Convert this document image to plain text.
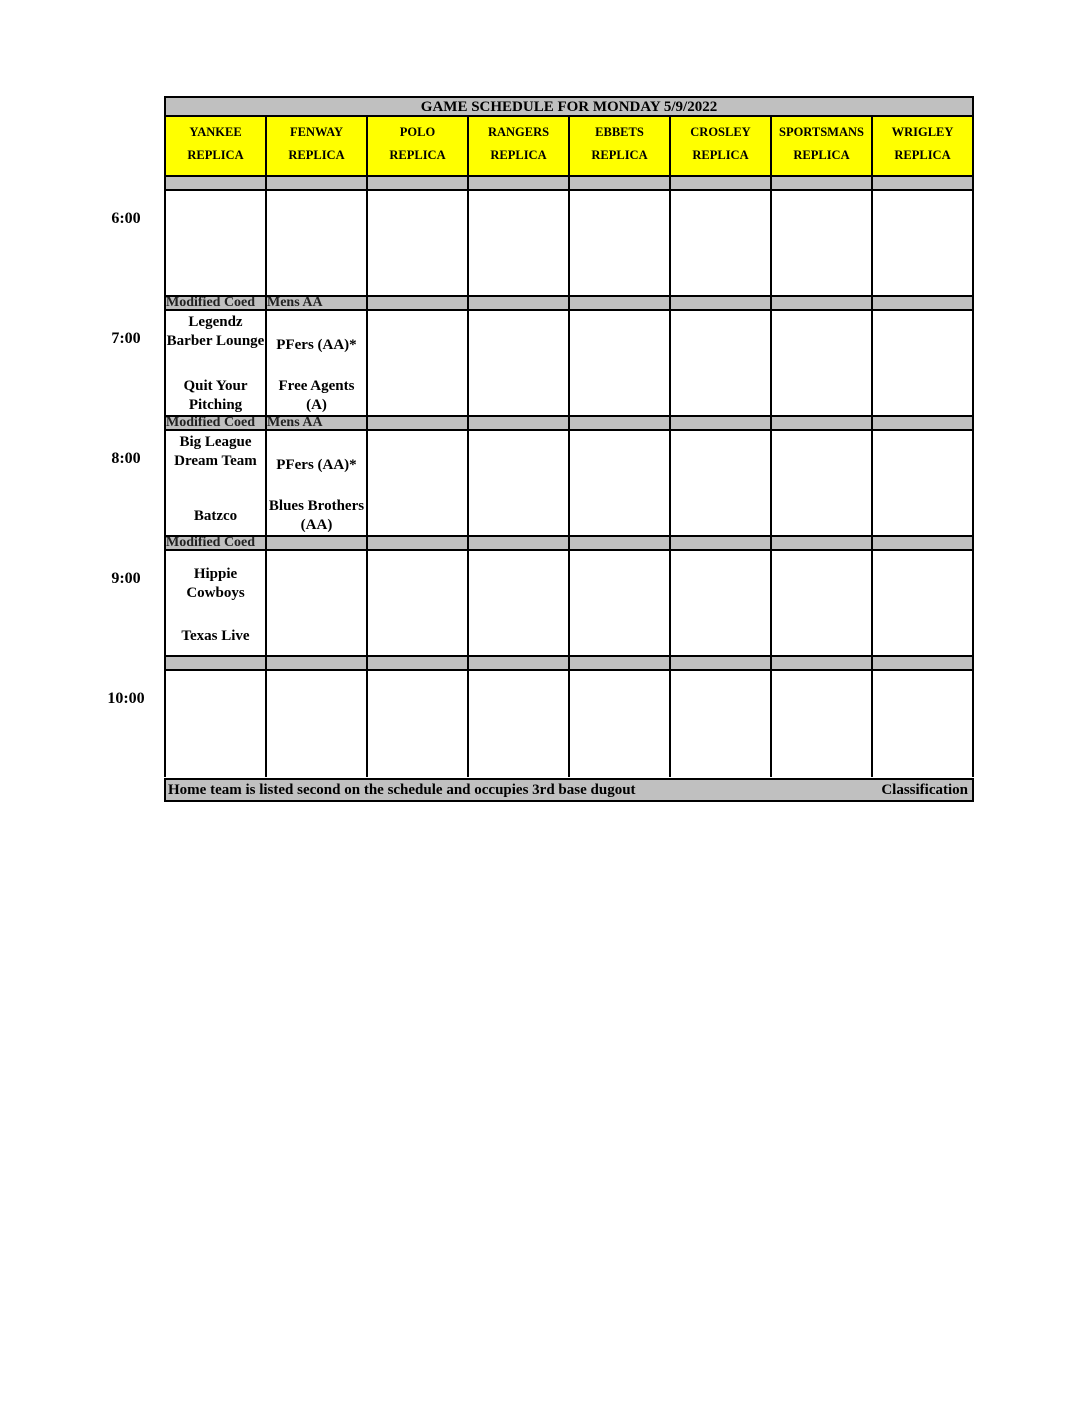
GAME SCHEDULE FOR MONDAY 5/9/2022
YANKEE
REPLICA
FENWAY
REPLICA
POLO
REPLICA
RANGERS
REPLICA
EBBETS
REPLICA
CROSLEY
REPLICA
SPORTSMANS
REPLICA
WRIGLEY
REPLICA
Modified Coed Mens AA
Legendz Barber Lounge
Quit Your Pitching
PFers (AA)*
Free Agents (A)
Modified Coed Mens AA
Big League Dream Team
Batzco
PFers (AA)*
Blues Brothers (AA)
Modified Coed
Hippie Cowboys
Texas Live
Home team is listed second on the schedule and occupies 3rd base dugout	Classification
6:00
7:00
8:00
9:00
10:00
